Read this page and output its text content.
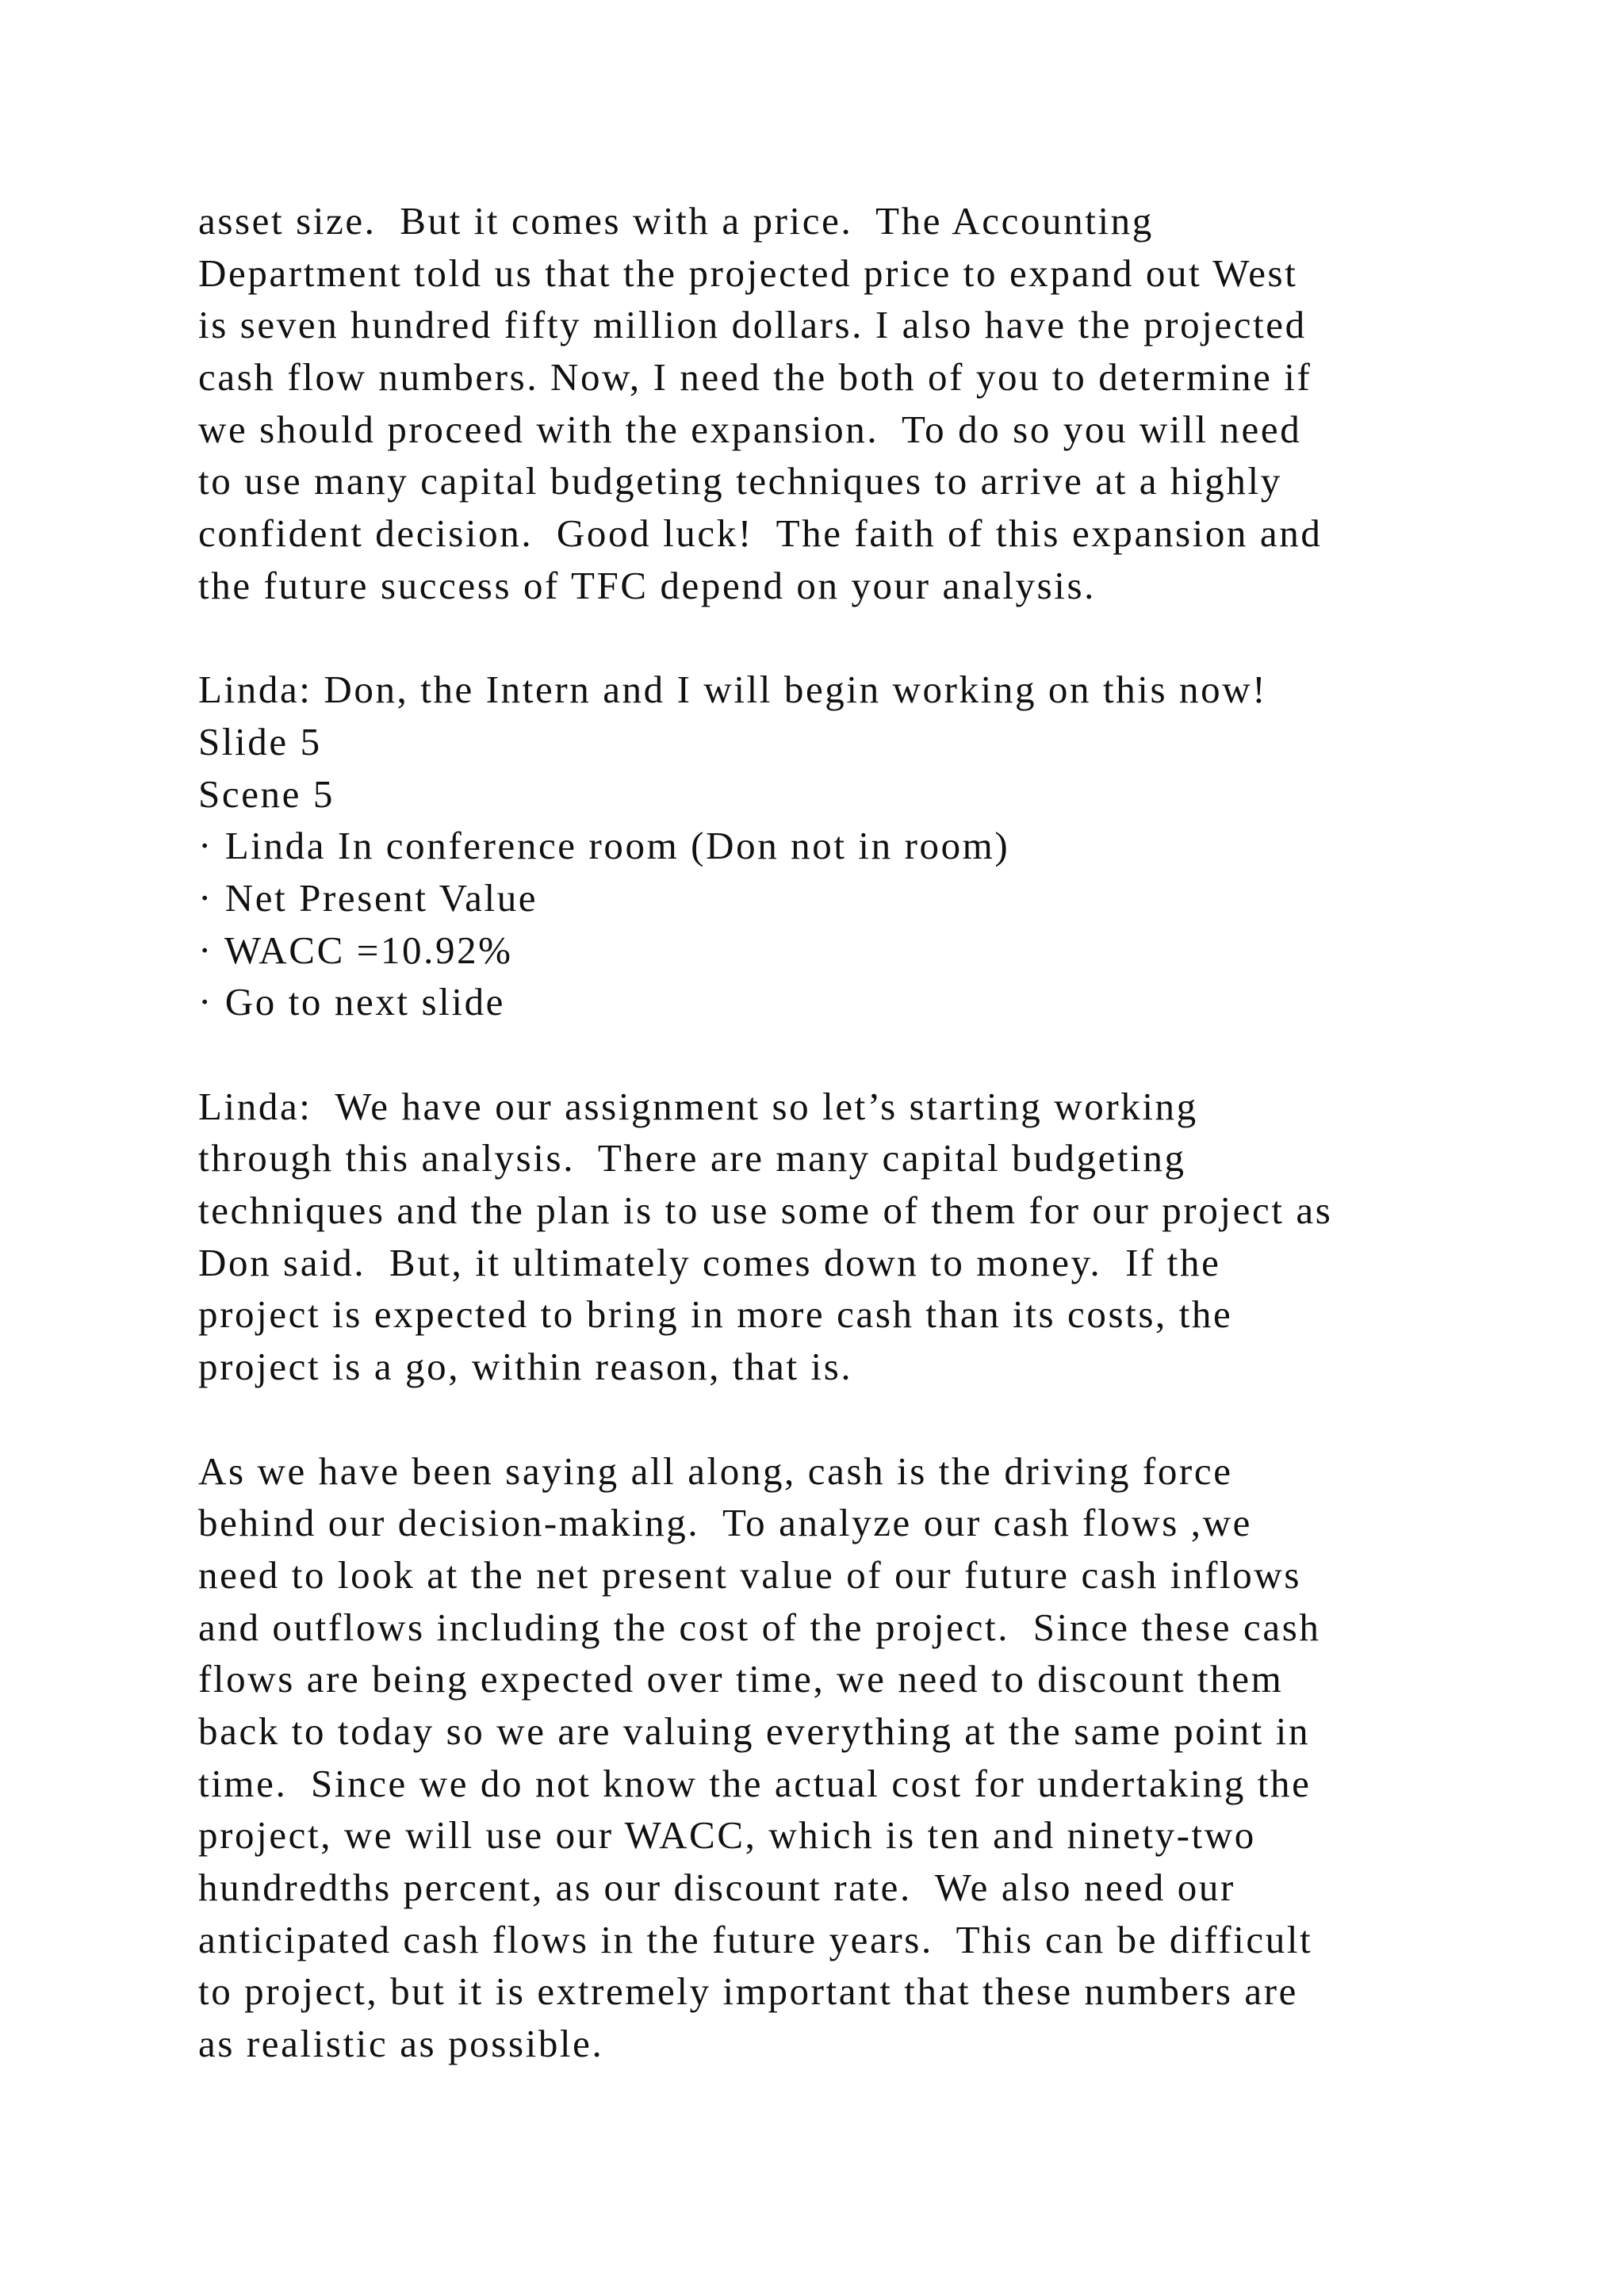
asset size.  But it comes with a price.  The Accounting
Department told us that the projected price to expand out West
is seven hundred fifty million dollars. I also have the projected
cash flow numbers. Now, I need the both of you to determine if
we should proceed with the expansion.  To do so you will need
to use many capital budgeting techniques to arrive at a highly
confident decision.  Good luck!  The faith of this expansion and
the future success of TFC depend on your analysis.
Linda: Don, the Intern and I will begin working on this now!
Slide 5
Scene 5
· Linda In conference room (Don not in room)
· Net Present Value
· WACC =10.92%
· Go to next slide
Linda:  We have our assignment so let’s starting working
through this analysis.  There are many capital budgeting
techniques and the plan is to use some of them for our project as
Don said.  But, it ultimately comes down to money.  If the
project is expected to bring in more cash than its costs, the
project is a go, within reason, that is.
As we have been saying all along, cash is the driving force
behind our decision-making.  To analyze our cash flows ,we
need to look at the net present value of our future cash inflows
and outflows including the cost of the project.  Since these cash
flows are being expected over time, we need to discount them
back to today so we are valuing everything at the same point in
time.  Since we do not know the actual cost for undertaking the
project, we will use our WACC, which is ten and ninety-two
hundredths percent, as our discount rate.  We also need our
anticipated cash flows in the future years.  This can be difficult
to project, but it is extremely important that these numbers are
as realistic as possible.
